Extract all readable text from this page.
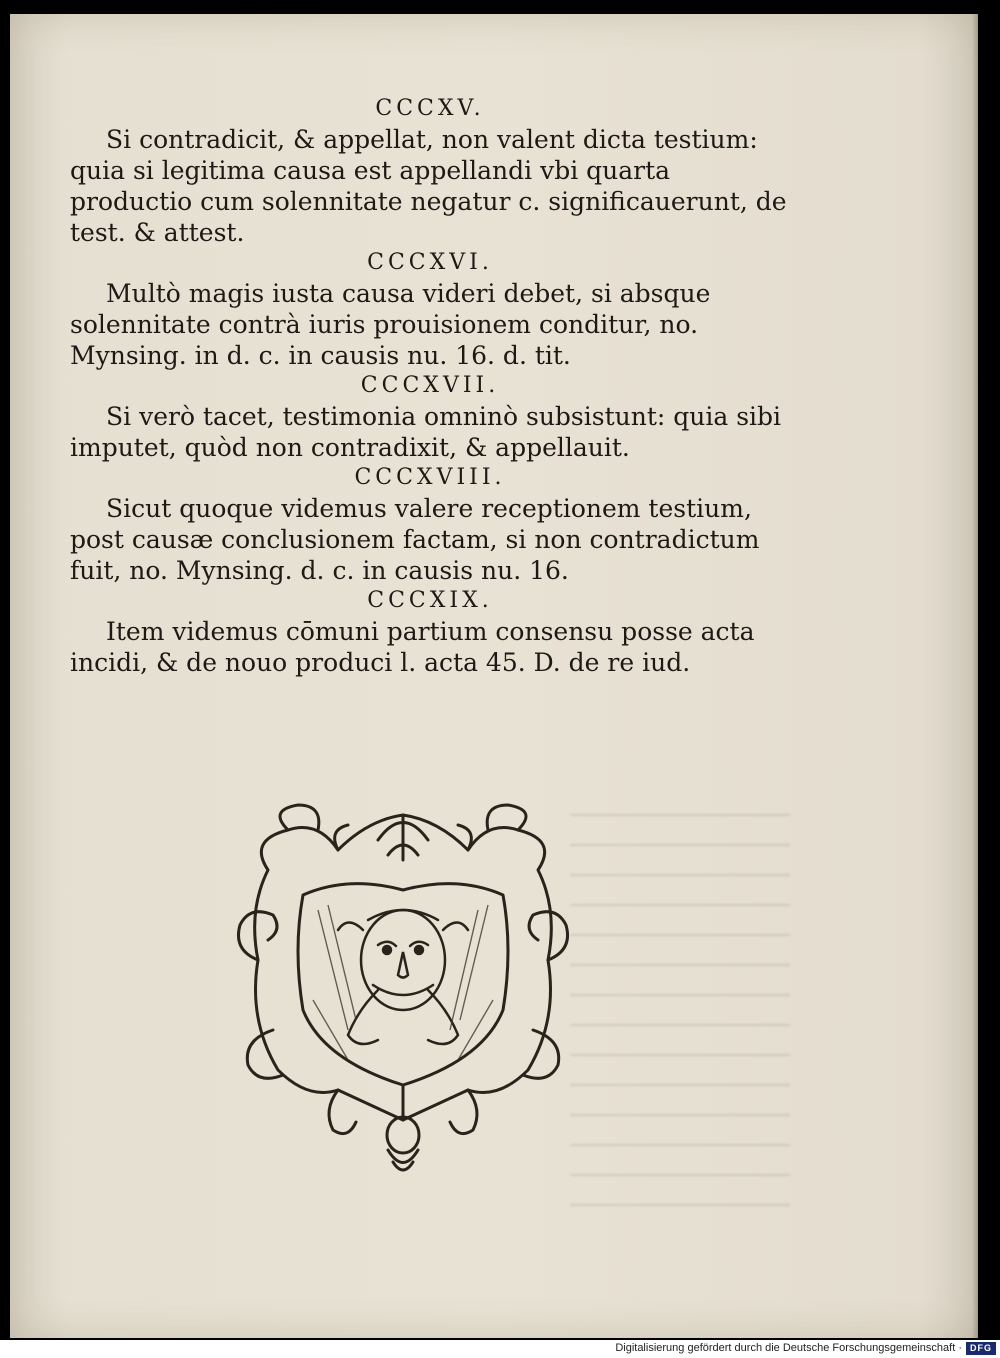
CCCXV.

Si contradicit, & appellat, non valent dicta testium: quia si legitima causa est appellandi vbi quarta productio cum solennitate negatur c. significauerunt, de test. & attest.

CCCXVI.

Multò magis iusta causa videri debet, si absque solennitate contrà iuris prouisionem conditur, no. Mynsing. in d. c. in causis nu. 16. d. tit.

CCCXVII.

Si verò tacet, testimonia omninò subsistunt: quia sibi imputet, quòd non contradixit, & appellauit.

CCCXVIII.

Sicut quoque videmus valere receptionem testium, post causæ conclusionem factam, si non contradictum fuit, no. Mynsing. d. c. in causis nu. 16.

CCCXIX.

Item videmus cōmuni partium consensu posse acta incidi, & de nouo produci l. acta 45. D. de re iud.

Digitalisierung gefördert durch die Deutsche Forschungsgemeinschaft · DFG
